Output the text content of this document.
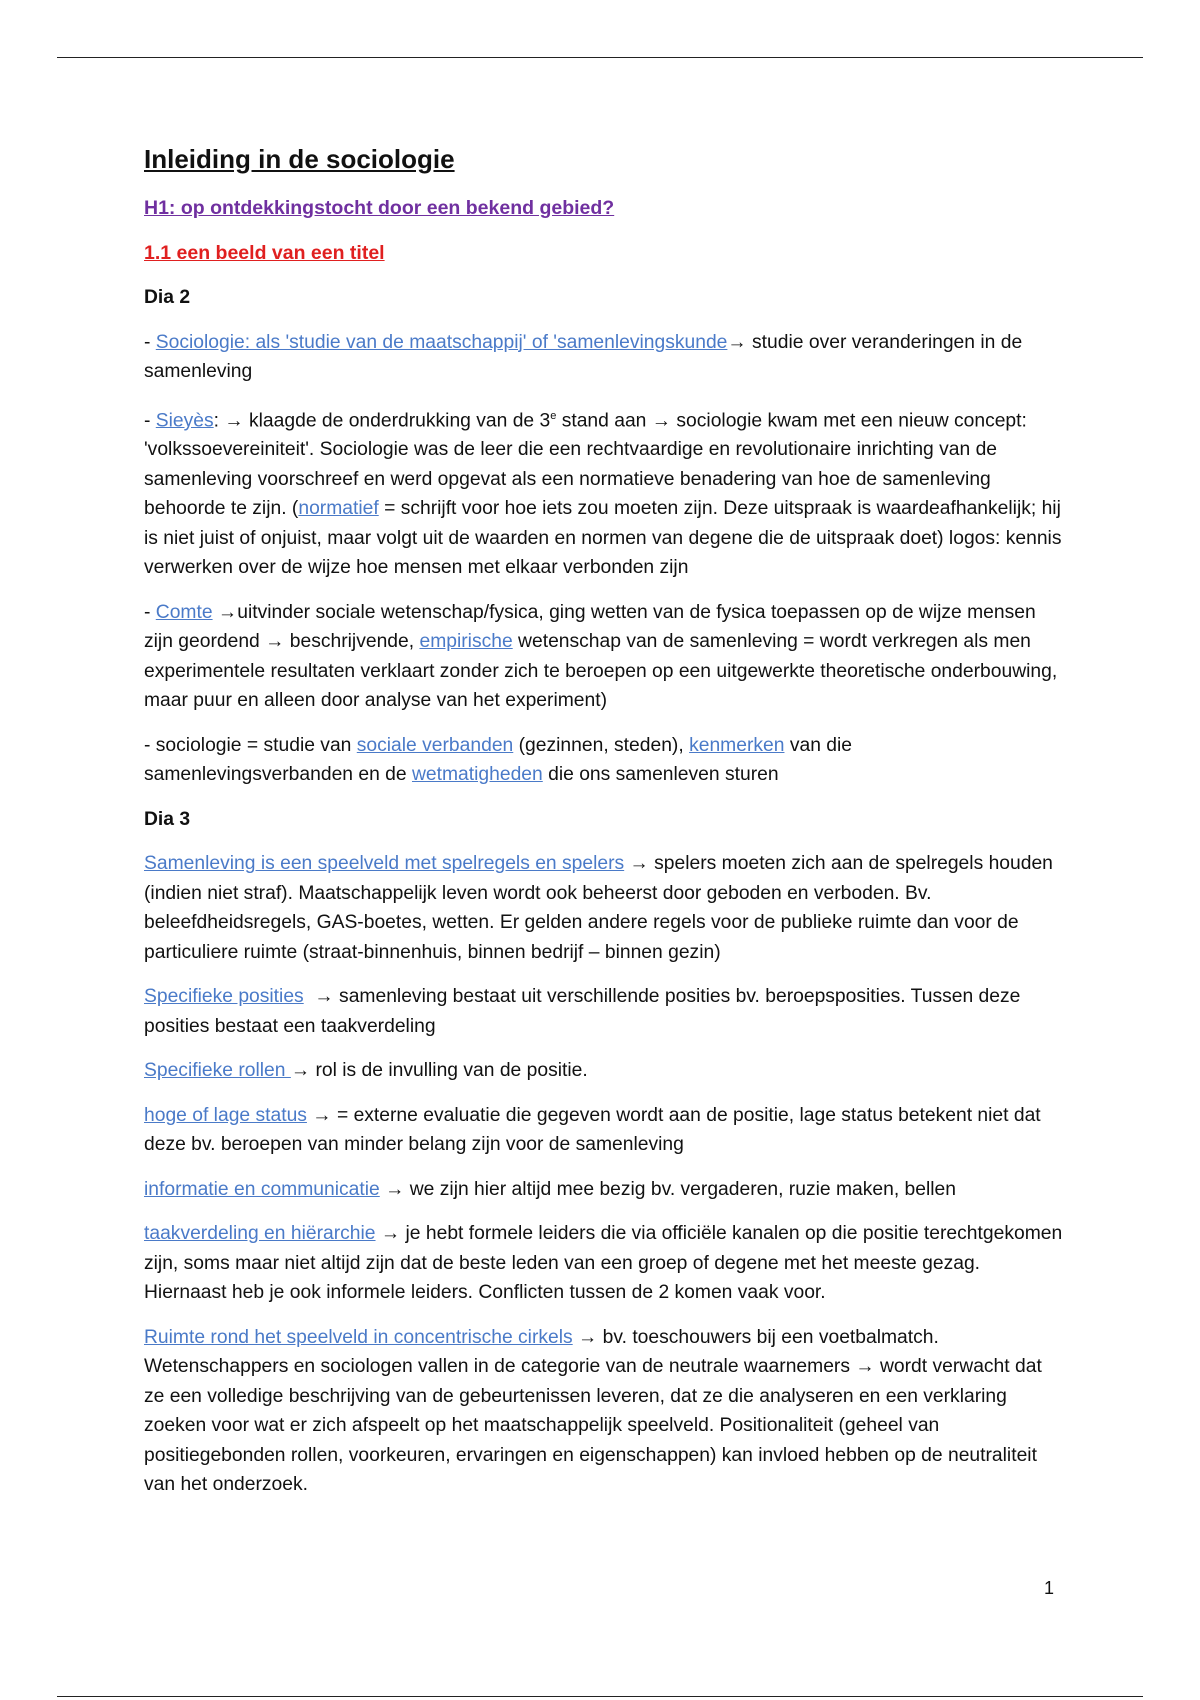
Inleiding in de sociologie

H1: op ontdekkingstocht door een bekend gebied?

1.1 een beeld van een titel

Dia 2

- Sociologie: als 'studie van de maatschappij' of 'samenlevingskunde→ studie over veranderingen in de samenleving

- Sieyès: → klaagde de onderdrukking van de 3e stand aan → sociologie kwam met een nieuw concept: 'volkssoevereiniteit'. Sociologie was de leer die een rechtvaardige en revolutionaire inrichting van de samenleving voorschreef en werd opgevat als een normatieve benadering van hoe de samenleving behoorde te zijn. (normatief = schrijft voor hoe iets zou moeten zijn. Deze uitspraak is waardeafhankelijk; hij is niet juist of onjuist, maar volgt uit de waarden en normen van degene die de uitspraak doet) logos: kennis verwerken over de wijze hoe mensen met elkaar verbonden zijn

- Comte →uitvinder sociale wetenschap/fysica, ging wetten van de fysica toepassen op de wijze mensen zijn geordend → beschrijvende, empirische wetenschap van de samenleving = wordt verkregen als men experimentele resultaten verklaart zonder zich te beroepen op een uitgewerkte theoretische onderbouwing, maar puur en alleen door analyse van het experiment)

- sociologie = studie van sociale verbanden (gezinnen, steden), kenmerken van die samenlevingsverbanden en de wetmatigheden die ons samenleven sturen

Dia 3

Samenleving is een speelveld met spelregels en spelers → spelers moeten zich aan de spelregels houden (indien niet straf). Maatschappelijk leven wordt ook beheerst door geboden en verboden. Bv. beleefdheidsregels, GAS-boetes, wetten. Er gelden andere regels voor de publieke ruimte dan voor de particuliere ruimte (straat-binnenhuis, binnen bedrijf – binnen gezin)

Specifieke posities  → samenleving bestaat uit verschillende posities bv. beroepsposities. Tussen deze posities bestaat een taakverdeling

Specifieke rollen → rol is de invulling van de positie.

hoge of lage status → = externe evaluatie die gegeven wordt aan de positie, lage status betekent niet dat deze bv. beroepen van minder belang zijn voor de samenleving

informatie en communicatie → we zijn hier altijd mee bezig bv. vergaderen, ruzie maken, bellen

taakverdeling en hiërarchie → je hebt formele leiders die via officiële kanalen op die positie terechtgekomen zijn, soms maar niet altijd zijn dat de beste leden van een groep of degene met het meeste gezag. Hiernaast heb je ook informele leiders. Conflicten tussen de 2 komen vaak voor.

Ruimte rond het speelveld in concentrische cirkels → bv. toeschouwers bij een voetbalmatch. Wetenschappers en sociologen vallen in de categorie van de neutrale waarnemers → wordt verwacht dat ze een volledige beschrijving van de gebeurtenissen leveren, dat ze die analyseren en een verklaring zoeken voor wat er zich afspeelt op het maatschappelijk speelveld. Positionaliteit (geheel van positiegebonden rollen, voorkeuren, ervaringen en eigenschappen) kan invloed hebben op de neutraliteit van het onderzoek.

1
